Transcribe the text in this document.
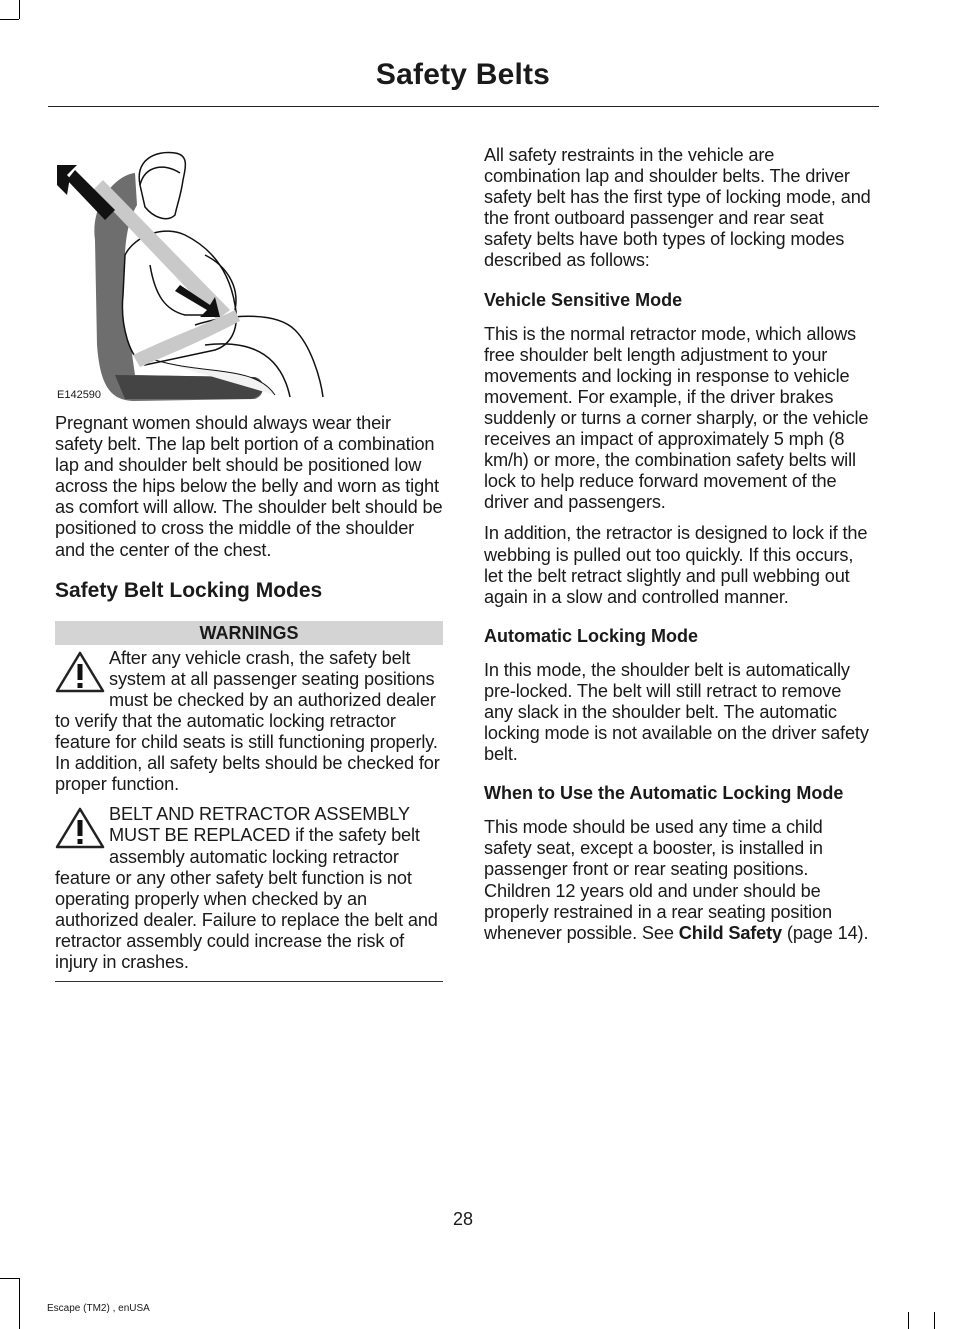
Safety Belts
E142590

Pregnant women should always wear their safety belt. The lap belt portion of a combination lap and shoulder belt should be positioned low across the hips below the belly and worn as tight as comfort will allow. The shoulder belt should be positioned to cross the middle of the shoulder and the center of the chest.

Safety Belt Locking Modes
WARNINGS
After any vehicle crash, the safety belt system at all passenger seating positions must be checked by an authorized dealer to verify that the automatic locking retractor feature for child seats is still functioning properly. In addition, all safety belts should be checked for proper function.
BELT AND RETRACTOR ASSEMBLY MUST BE REPLACED if the safety belt assembly automatic locking retractor feature or any other safety belt function is not operating properly when checked by an authorized dealer. Failure to replace the belt and retractor assembly could increase the risk of injury in crashes.

All safety restraints in the vehicle are combination lap and shoulder belts. The driver safety belt has the first type of locking mode, and the front outboard passenger and rear seat safety belts have both types of locking modes described as follows:

Vehicle Sensitive Mode

This is the normal retractor mode, which allows free shoulder belt length adjustment to your movements and locking in response to vehicle movement. For example, if the driver brakes suddenly or turns a corner sharply, or the vehicle receives an impact of approximately 5 mph (8 km/h) or more, the combination safety belts will lock to help reduce forward movement of the driver and passengers.

In addition, the retractor is designed to lock if the webbing is pulled out too quickly. If this occurs, let the belt retract slightly and pull webbing out again in a slow and controlled manner.

Automatic Locking Mode

In this mode, the shoulder belt is automatically pre-locked. The belt will still retract to remove any slack in the shoulder belt. The automatic locking mode is not available on the driver safety belt.

When to Use the Automatic Locking Mode

This mode should be used any time a child safety seat, except a booster, is installed in passenger front or rear seating positions. Children 12 years old and under should be properly restrained in a rear seating position whenever possible. See Child Safety (page 14).

28
Escape (TM2) , enUSA
